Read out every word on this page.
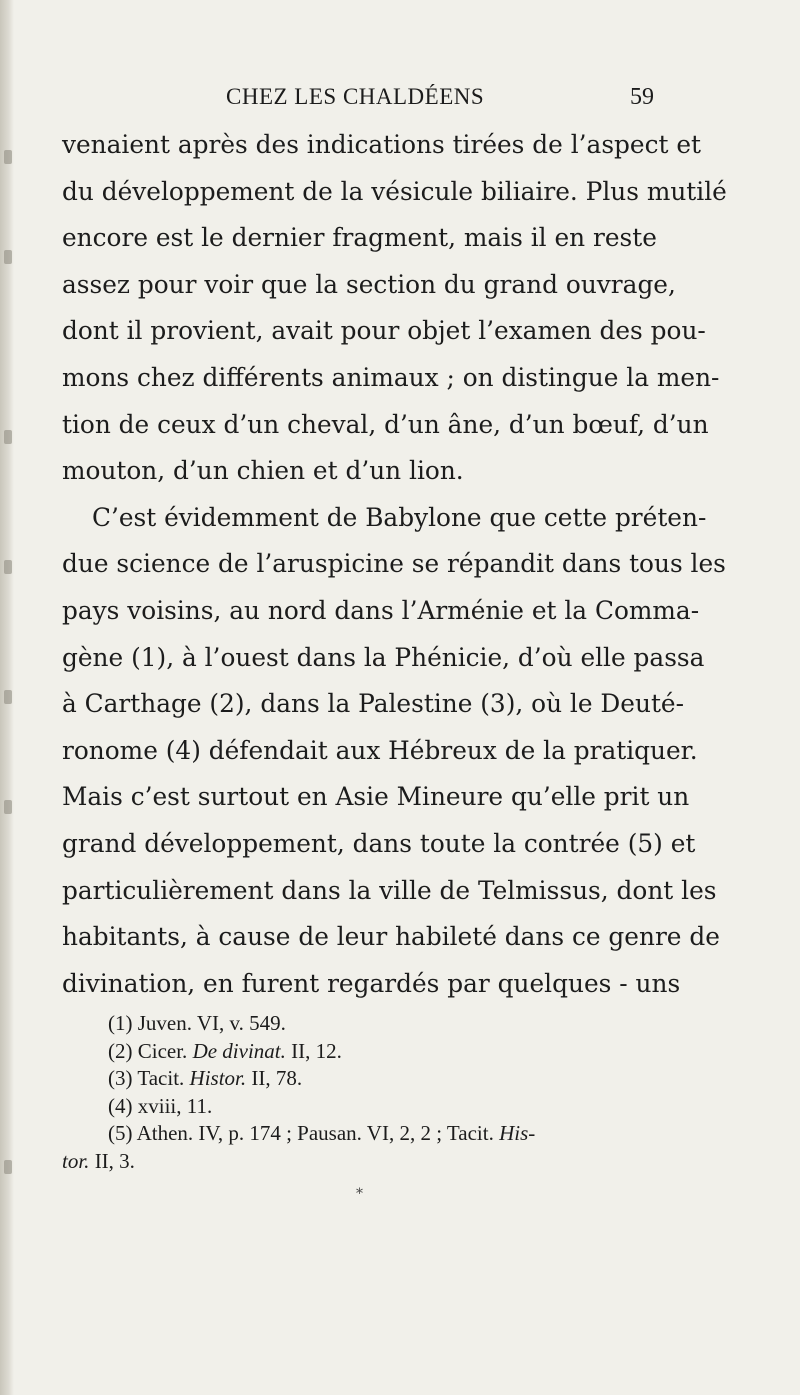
CHEZ LES CHALDÉENS	59
venaient après des indications tirées de l’aspect et
du développement de la vésicule biliaire. Plus mutilé
encore est le dernier fragment, mais il en reste
assez pour voir que la section du grand ouvrage,
dont il provient, avait pour objet l’examen des pou-
mons chez différents animaux ; on distingue la men-
tion de ceux d’un cheval, d’un âne, d’un bœuf, d’un
mouton, d’un chien et d’un lion.
C’est évidemment de Babylone que cette préten-
due science de l’aruspicine se répandit dans tous les
pays voisins, au nord dans l’Arménie et la Comma-
gène (1), à l’ouest dans la Phénicie, d’où elle passa
à Carthage (2), dans la Palestine (3), où le Deuté-
ronome (4) défendait aux Hébreux de la pratiquer.
Mais c’est surtout en Asie Mineure qu’elle prit un
grand développement, dans toute la contrée (5) et
particulièrement dans la ville de Telmissus, dont les
habitants, à cause de leur habileté dans ce genre de
divination, en furent regardés par quelques - uns
(1) Juven. VI, v. 549.
(2) Cicer. De divinat. II, 12.
(3) Tacit. Histor. II, 78.
(4) xviii, 11.
(5) Athen. IV, p. 174 ; Pausan. VI, 2, 2 ; Tacit. His-
tor. II, 3.
*
